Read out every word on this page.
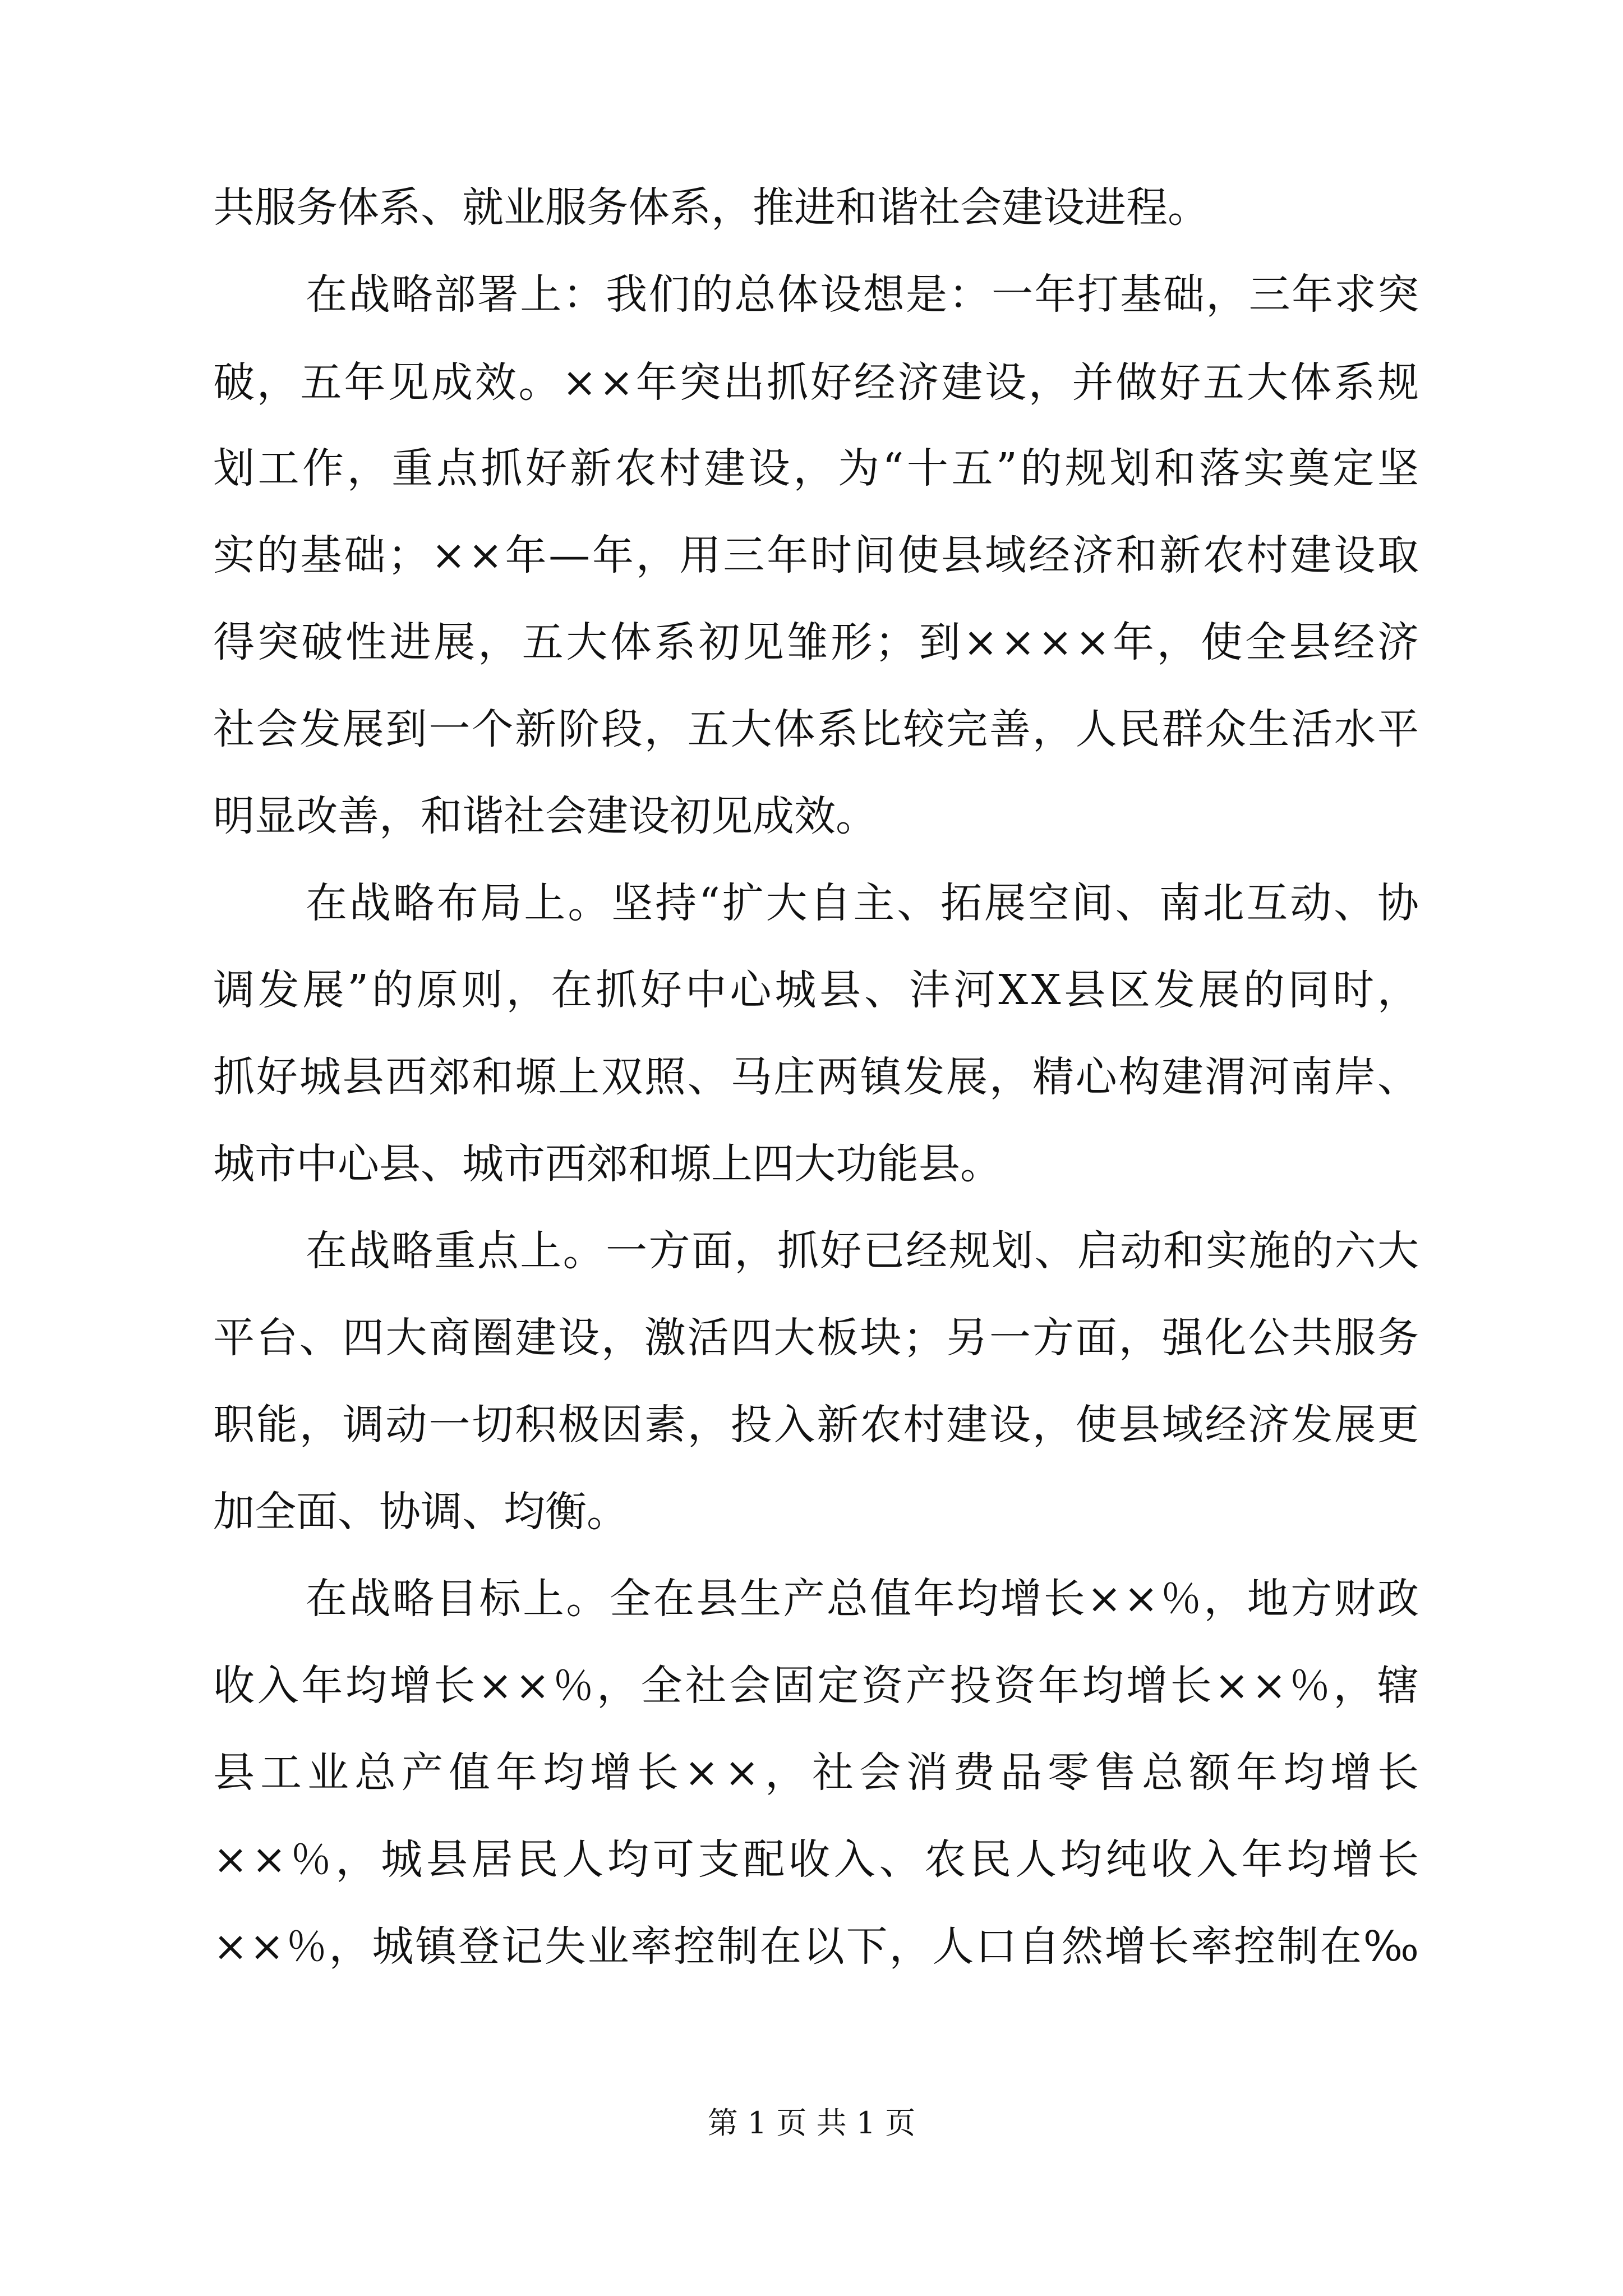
共服务体系、就业服务体系，推进和谐社会建设进程。
在战略部署上：我们的总体设想是：一年打基础，三年求突
破，五年见成效。××年突出抓好经济建设，并做好五大体系规
划工作，重点抓好新农村建设，为“十五”的规划和落实奠定坚
实的基础；××年—年，用三年时间使县域经济和新农村建设取
得突破性进展，五大体系初见雏形；到××××年，使全县经济
社会发展到一个新阶段，五大体系比较完善，人民群众生活水平
明显改善，和谐社会建设初见成效。
在战略布局上。坚持“扩大自主、拓展空间、南北互动、协
调发展”的原则，在抓好中心城县、沣河XX县区发展的同时，
抓好城县西郊和塬上双照、马庄两镇发展，精心构建渭河南岸、
城市中心县、城市西郊和塬上四大功能县。
在战略重点上。一方面，抓好已经规划、启动和实施的六大
平台、四大商圈建设，激活四大板块；另一方面，强化公共服务
职能，调动一切积极因素，投入新农村建设，使县域经济发展更
加全面、协调、均衡。
在战略目标上。全在县生产总值年均增长××％，地方财政
收入年均增长××％，全社会固定资产投资年均增长××％，辖
县工业总产值年均增长××，社会消费品零售总额年均增长
××％，城县居民人均可支配收入、农民人均纯收入年均增长
××％，城镇登记失业率控制在以下，人口自然增长率控制在‰
第 1 页 共 1 页
